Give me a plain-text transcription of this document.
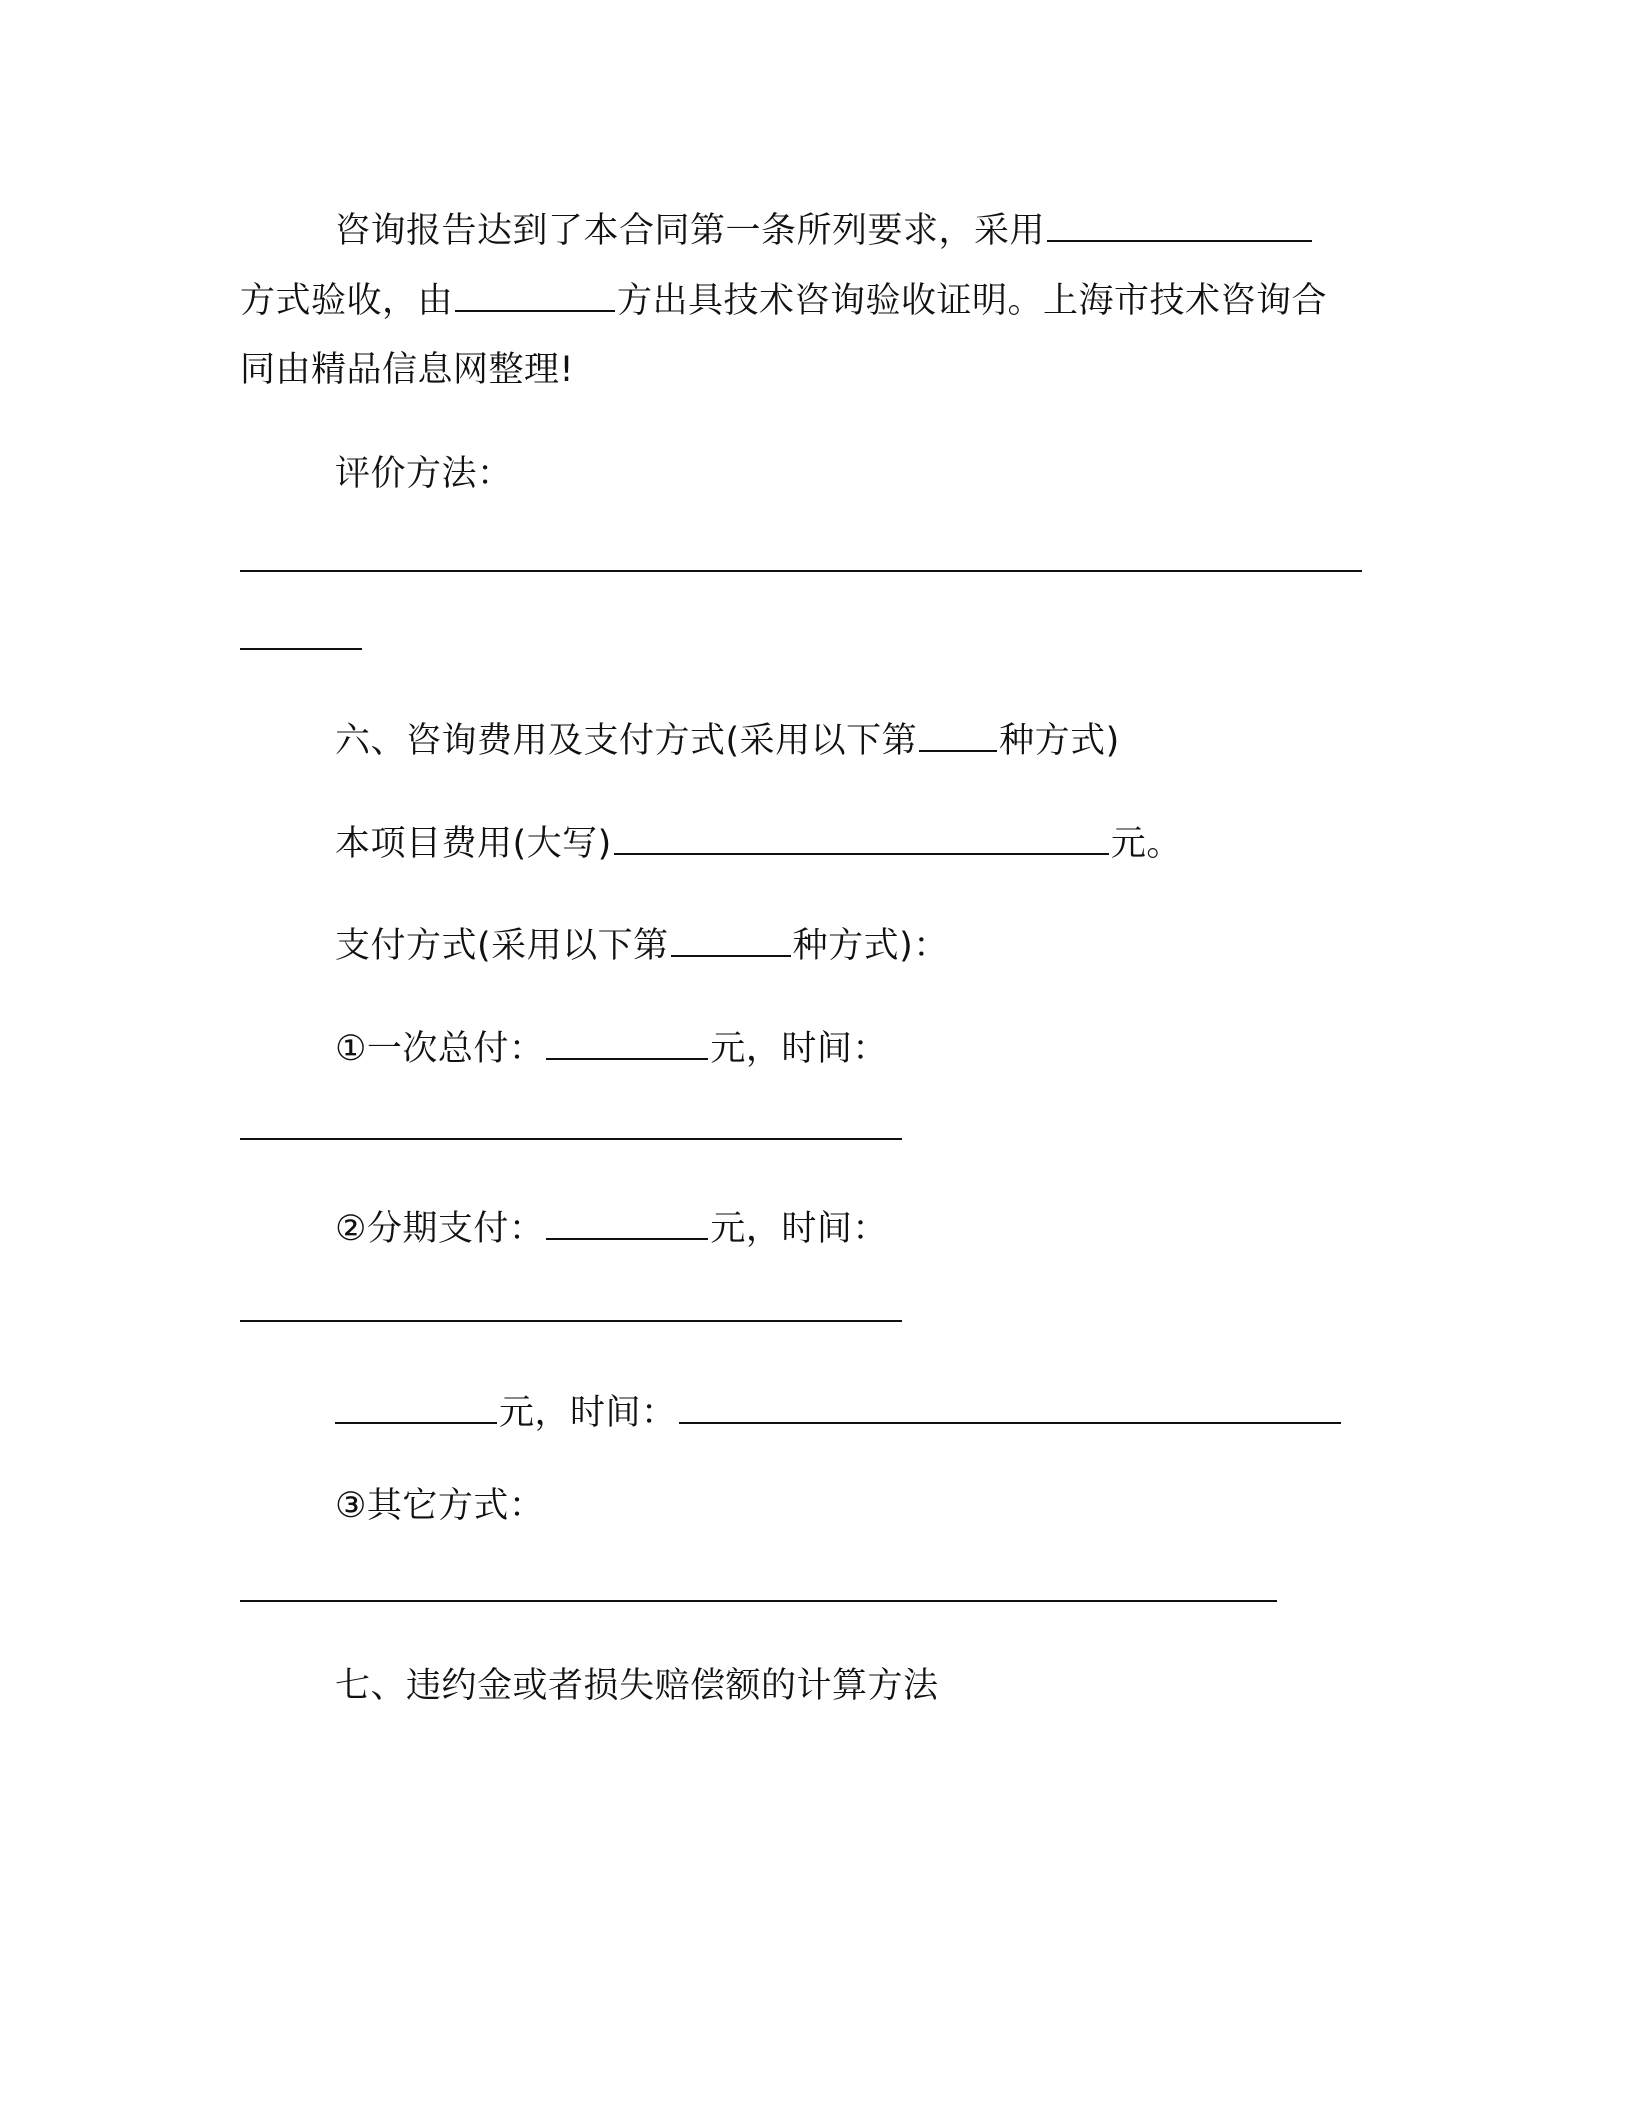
咨询报告达到了本合同第一条所列要求，采用
方式验收，由	方出具技术咨询验收证明。上海市技术咨询合
同由精品信息网整理!
评价方法：
六、咨询费用及支付方式(采用以下第 种方式)
本项目费用(大写)	元。
支付方式(采用以下第	种方式)：
①一次总付：	元，时间：
②分期支付：	元，时间：
元，时间：
③其它方式：
七、违约金或者损失赔偿额的计算方法
